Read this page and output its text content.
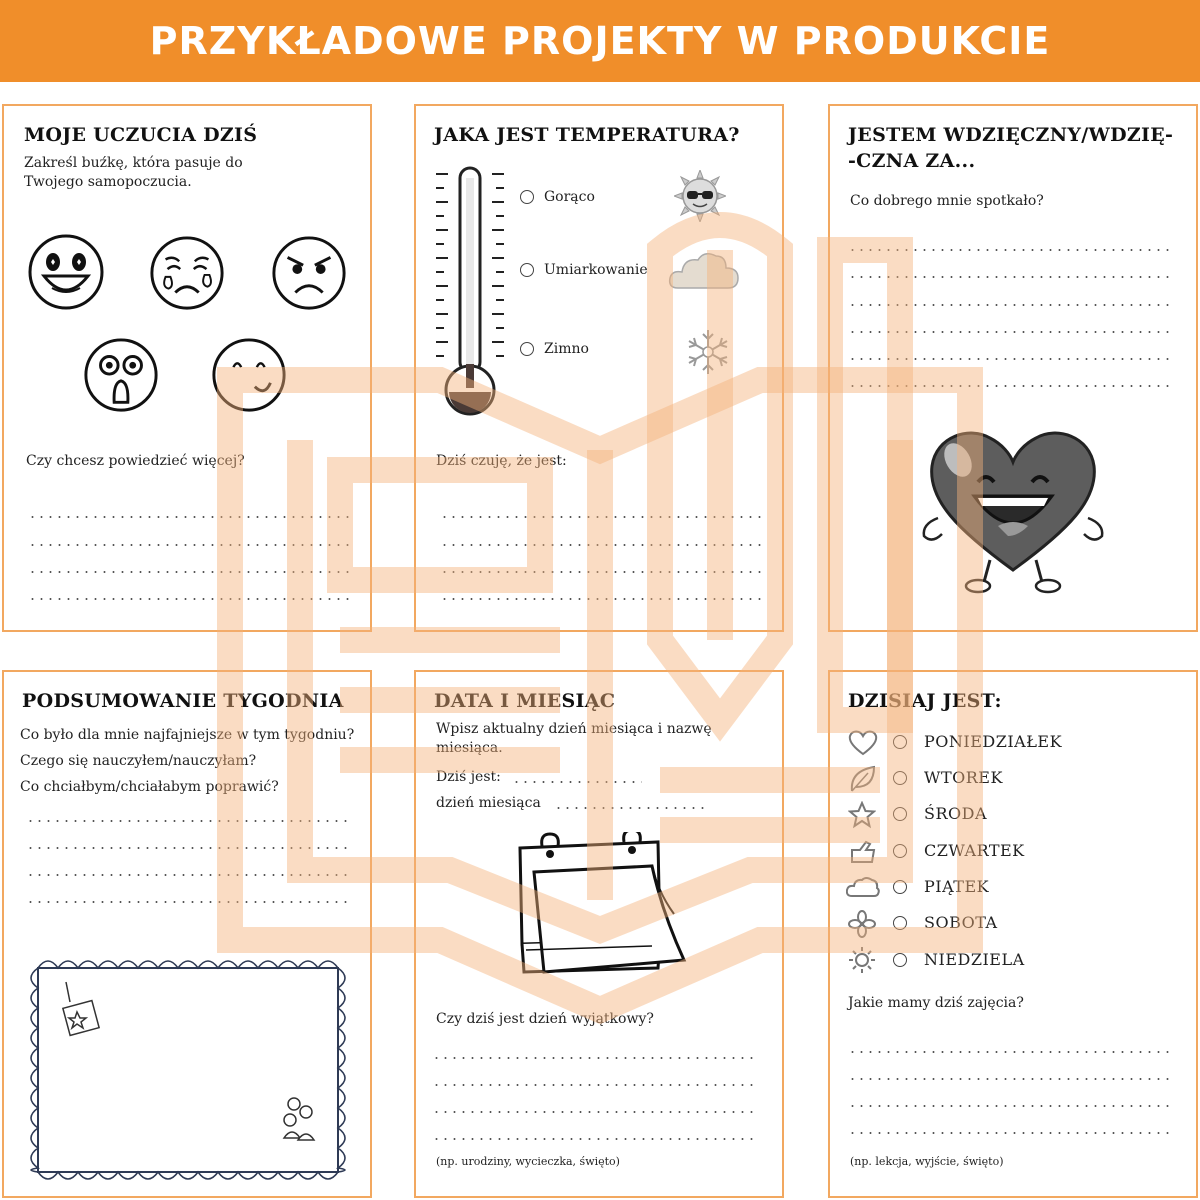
PRZYKŁADOWE PROJEKTY W PRODUKCIE
MOJE UCZUCIA DZIŚ
Zakreśl buźkę, która pasuje do Twojego samopoczucia.
Czy chcesz powiedzieć więcej?
JAKA JEST TEMPERATURA?
Gorąco
Umiarkowanie
Zimno
Dziś czuję, że jest:
JESTEM WDZIĘCZNY/WDZIĘ-
-CZNA ZA...
Co dobrego mnie spotkało?
PODSUMOWANIE TYGODNIA
Co było dla mnie najfajniejsze w tym tygodniu?
Czego się nauczyłem/nauczyłam?
Co chciałbym/chciałabym poprawić?
DATA I MIESIĄC
Wpisz aktualny dzień miesiąca i nazwę miesiąca.
Dziś jest:
dzień miesiąca
Czy dziś jest dzień wyjątkowy?
(np. urodziny, wycieczka, święto)
DZISIAJ JEST:
PONIEDZIAŁEK
WTOREK
ŚRODA
CZWARTEK
PIĄTEK
SOBOTA
NIEDZIELA
Jakie mamy dziś zajęcia?
(np. lekcja, wyjście, święto)
